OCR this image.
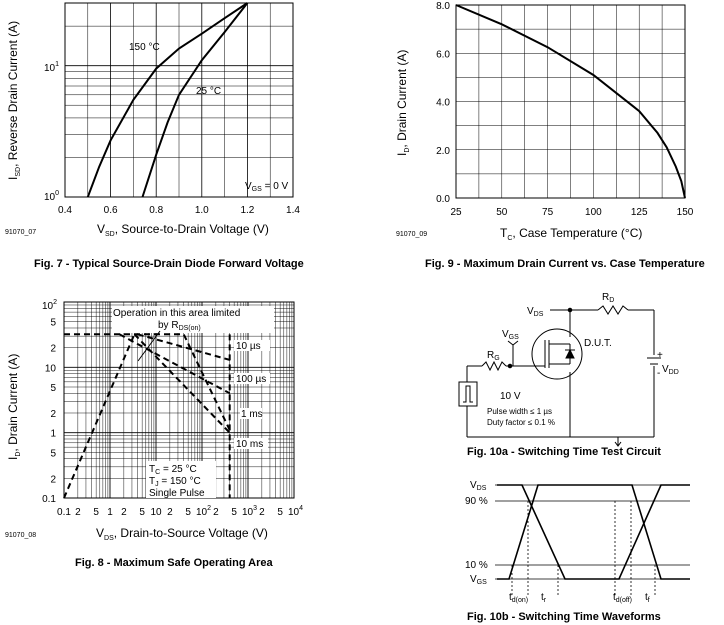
0.4	0.6	0.8	1.0	1.2	1.4
$10^0$
$10^1$
150 °C
25 °C
$V_{GS} = 0$ V
$V_{SD}$, Source-to-Drain Voltage (V)
$I_{SD}$, Reverse Drain Current (A)
91070_07
Fig. 7 - Typical Source-Drain Diode Forward Voltage
25	50	75	100	125	150
0.0
2.0
4.0
6.0
8.0
$T_C$, Case Temperature (°C)
$I_D$, Drain Current (A)
91070_09
Fig. 9 - Maximum Drain Current vs. Case Temperature
Operation in this area limited
by $R_{DS(on)}$
10 µs
100 µs
1 ms
10 ms
$T_C = 25$ °C
$T_J = 150$ °C
Single Pulse
0.1 2 5 1 2 5 10 2 5 2 5 2 5
$10^2$	$10^3$	$10^4$
0.1
2
5
1
2
5
10
2
5
$10^2$
$V_{DS}$, Drain-to-Source Voltage (V)
$I_D$, Drain Current (A)
91070_08
Fig. 8 - Maximum Safe Operating Area
$V_{DS}$
$R_D$
$V_{GS}$
$R_G$
D.U.T.
+
- $V_{DD}$
10 V
Pulse width ≤ 1 µs
Duty factor ≤ 0.1 %
Fig. 10a - Switching Time Test Circuit
$V_{DS}$
90 %
10 %
$V_{GS}$
$t_{d(on)}$ $t_r$	$t_{d(off)}$ $t_f$
Fig. 10b - Switching Time Waveforms
